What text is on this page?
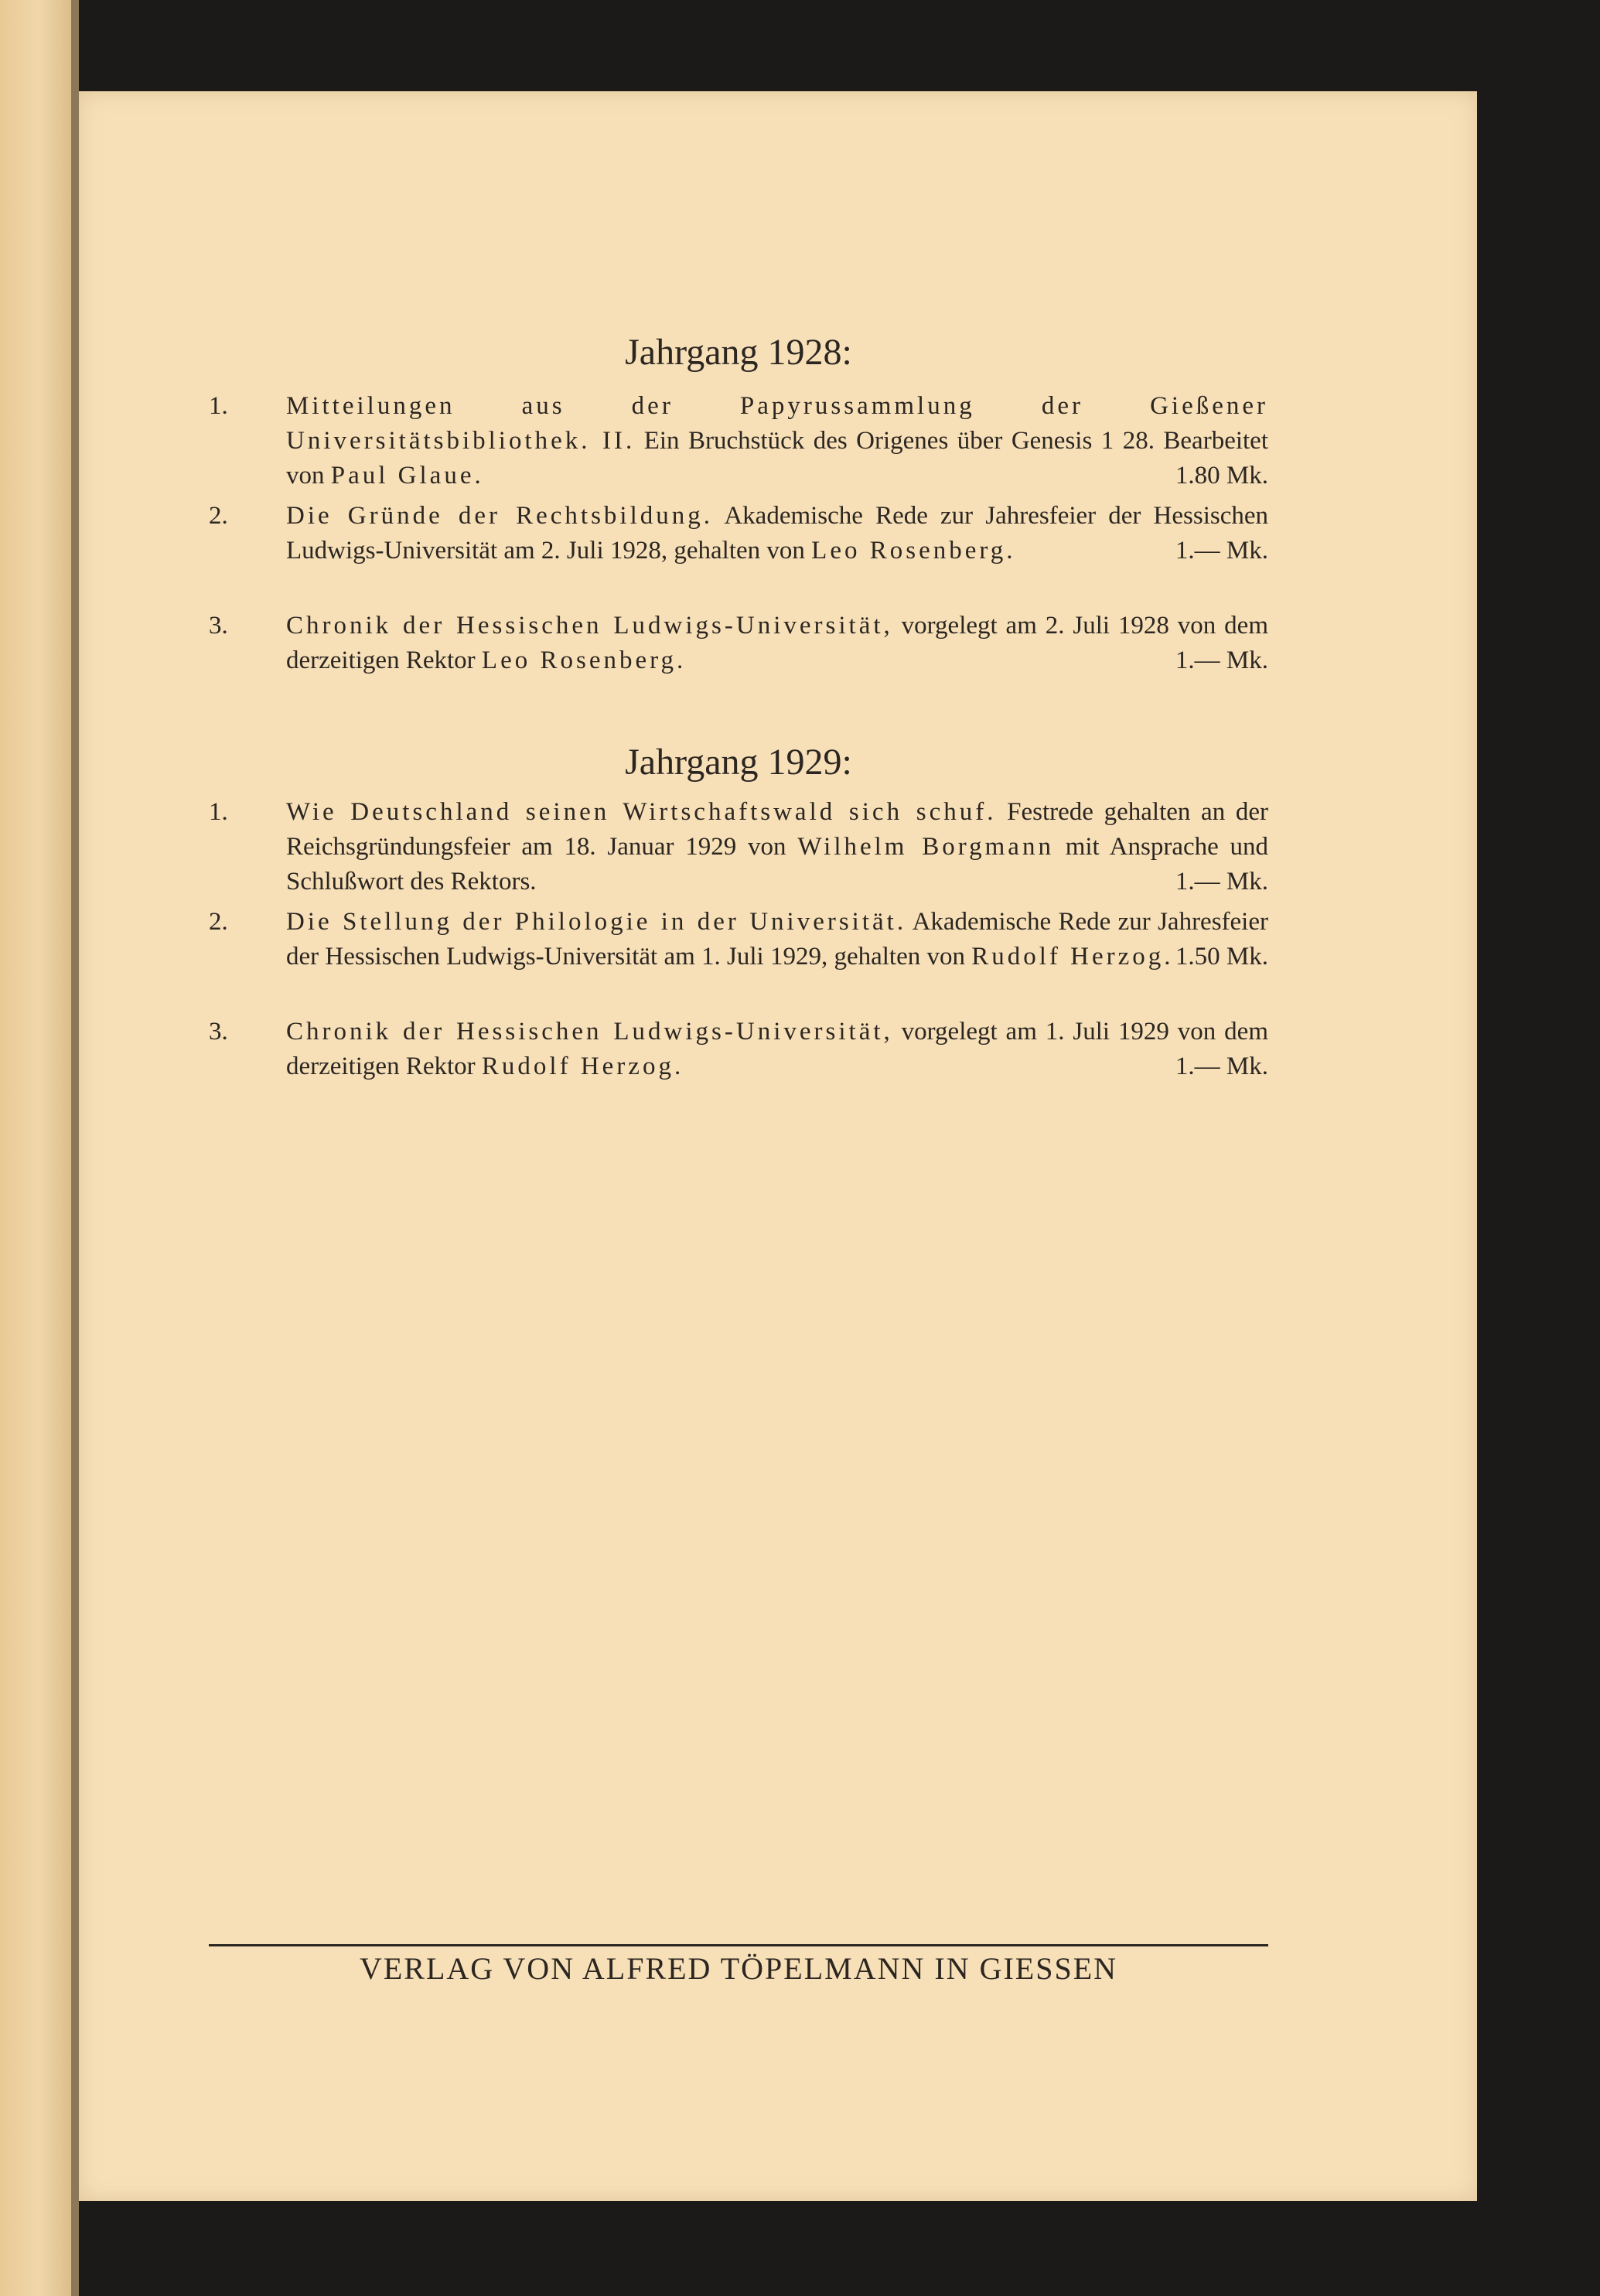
Jahrgang 1928:
1.	Mitteilungen aus der Papyrussammlung der Gießener Universitätsbibliothek. II. Ein Bruchstück des Origenes über Genesis 1 28. Bearbeitet von Paul Glaue.	1.80 Mk.
2.	Die Gründe der Rechtsbildung. Akademische Rede zur Jahresfeier der Hessischen Ludwigs-Universität am 2. Juli 1928, gehalten von Leo Rosenberg.	1.— Mk.
3.	Chronik der Hessischen Ludwigs-Universität, vorgelegt am 2. Juli 1928 von dem derzeitigen Rektor Leo Rosenberg.	1.— Mk.
Jahrgang 1929:
1.	Wie Deutschland seinen Wirtschaftswald sich schuf. Festrede gehalten an der Reichsgründungsfeier am 18. Januar 1929 von Wilhelm Borgmann mit Ansprache und Schlußwort des Rektors.	1.— Mk.
2.	Die Stellung der Philologie in der Universität. Akademische Rede zur Jahresfeier der Hessischen Ludwigs-Universität am 1. Juli 1929, gehalten von Rudolf Herzog. 1.50 Mk.
3.	Chronik der Hessischen Ludwigs-Universität, vorgelegt am 1. Juli 1929 von dem derzeitigen Rektor Rudolf Herzog.	1.— Mk.
VERLAG VON ALFRED TÖPELMANN IN GIESSEN
